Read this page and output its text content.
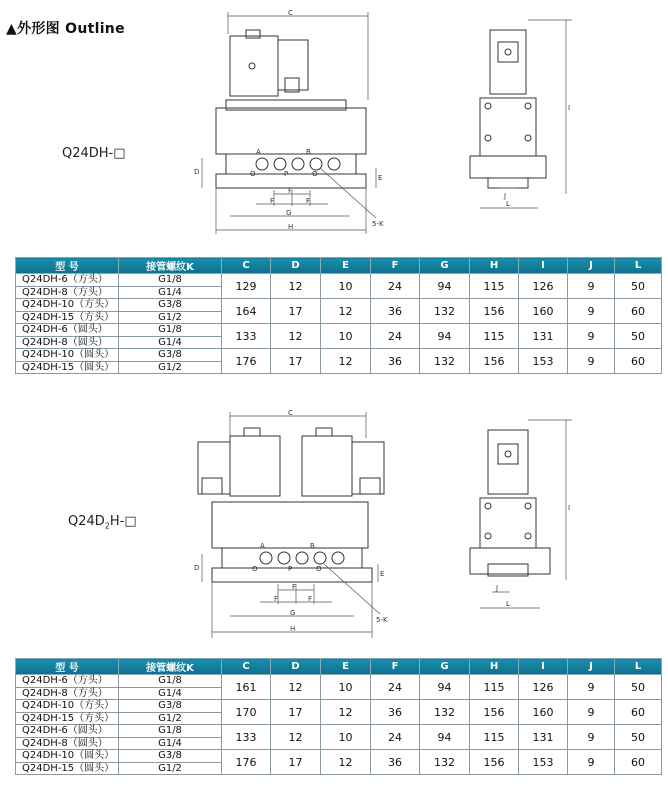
▲外形图 Outline
Q24DH-□
C
A	B
P
O	O
D
E
F
F	F
G
H	5-K
I
J
L
型 号	接管螺纹K	C	D	E	F	G	H	I	J	L
Q24DH-6（方头）	G1/8	129	12	10	24	94	115	126	9	50
Q24DH-8（方头）	G1/4									
Q24DH-10（方头）	G3/8	164	17	12	36	132	156	160	9	60
Q24DH-15（方头）	G1/2									
Q24DH-6（圆头）	G1/8	133	12	10	24	94	115	131	9	50
Q24DH-8（圆头）	G1/4									
Q24DH-10（圆头）	G3/8	176	17	12	36	132	156	153	9	60
Q24DH-15（圆头）	G1/2									
$Q24D_2H-□$
C
A	B
P
O	O
D
E
F
F	F
G
H
5-K
I
J
L
型 号	接管螺纹K	C	D	E	F	G	H	I	J	L
Q24DH-6（方头）	G1/8	161	12	10	24	94	115	126	9	50
Q24DH-8（方头）	G1/4									
Q24DH-10（方头）	G3/8	170	17	12	36	132	156	160	9	60
Q24DH-15（方头）	G1/2									
Q24DH-6（圆头）	G1/8	133	12	10	24	94	115	131	9	50
Q24DH-8（圆头）	G1/4									
Q24DH-10（圆头）	G3/8	176	17	12	36	132	156	153	9	60
Q24DH-15（圆头）	G1/2									
